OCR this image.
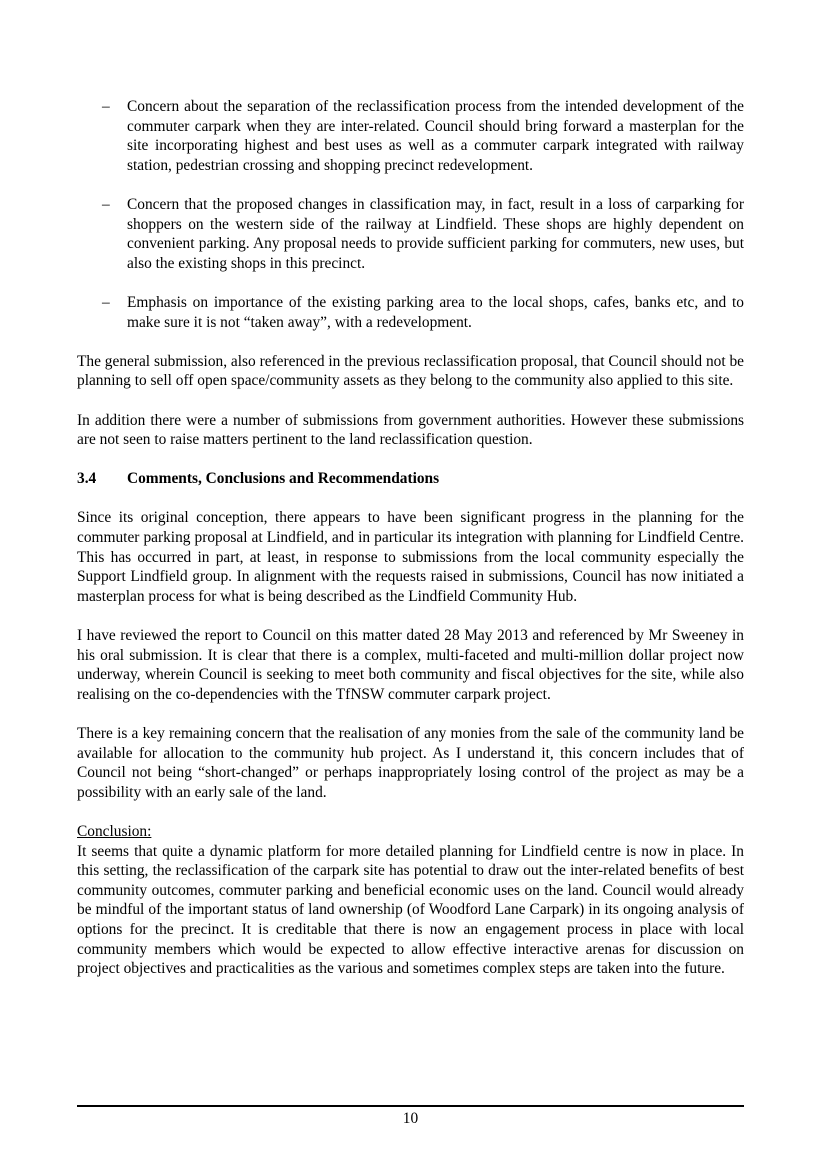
– Concern about the separation of the reclassification process from the intended development of the commuter carpark when they are inter-related. Council should bring forward a masterplan for the site incorporating highest and best uses as well as a commuter carpark integrated with railway station, pedestrian crossing and shopping precinct redevelopment.
– Concern that the proposed changes in classification may, in fact, result in a loss of carparking for shoppers on the western side of the railway at Lindfield. These shops are highly dependent on convenient parking. Any proposal needs to provide sufficient parking for commuters, new uses, but also the existing shops in this precinct.
– Emphasis on importance of the existing parking area to the local shops, cafes, banks etc, and to make sure it is not “taken away”, with a redevelopment.

The general submission, also referenced in the previous reclassification proposal, that Council should not be planning to sell off open space/community assets as they belong to the community also applied to this site.

In addition there were a number of submissions from government authorities. However these submissions are not seen to raise matters pertinent to the land reclassification question.

3.4	Comments, Conclusions and Recommendations

Since its original conception, there appears to have been significant progress in the planning for the commuter parking proposal at Lindfield, and in particular its integration with planning for Lindfield Centre. This has occurred in part, at least, in response to submissions from the local community especially the Support Lindfield group. In alignment with the requests raised in submissions, Council has now initiated a masterplan process for what is being described as the Lindfield Community Hub.

I have reviewed the report to Council on this matter dated 28 May 2013 and referenced by Mr Sweeney in his oral submission. It is clear that there is a complex, multi-faceted and multi-million dollar project now underway, wherein Council is seeking to meet both community and fiscal objectives for the site, while also realising on the co-dependencies with the TfNSW commuter carpark project.

There is a key remaining concern that the realisation of any monies from the sale of the community land be available for allocation to the community hub project. As I understand it, this concern includes that of Council not being “short-changed” or perhaps inappropriately losing control of the project as may be a possibility with an early sale of the land.

Conclusion:

It seems that quite a dynamic platform for more detailed planning for Lindfield centre is now in place. In this setting, the reclassification of the carpark site has potential to draw out the inter-related benefits of best community outcomes, commuter parking and beneficial economic uses on the land. Council would already be mindful of the important status of land ownership (of Woodford Lane Carpark) in its ongoing analysis of options for the precinct. It is creditable that there is now an engagement process in place with local community members which would be expected to allow effective interactive arenas for discussion on project objectives and practicalities as the various and sometimes complex steps are taken into the future.

10
